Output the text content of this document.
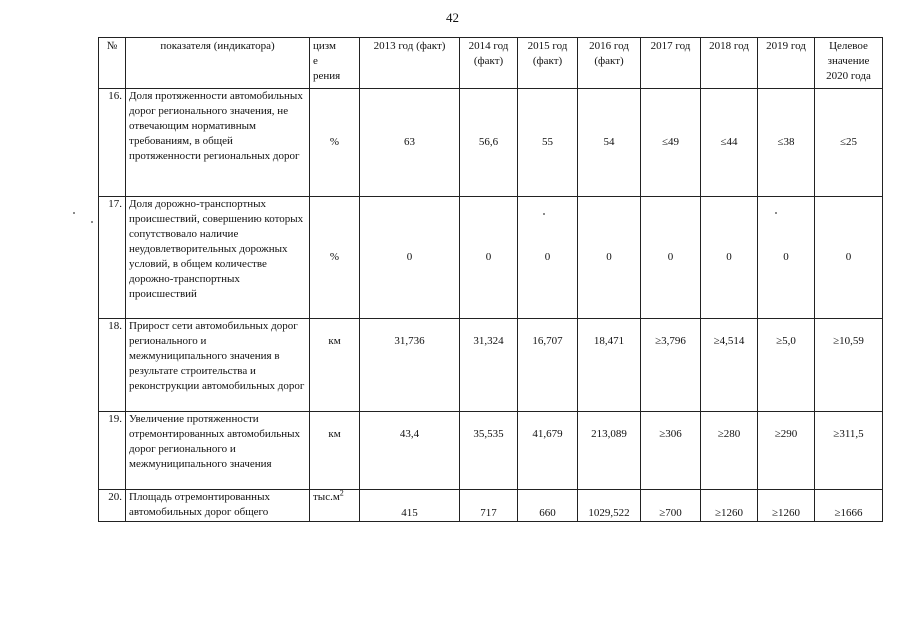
42
№	показателя (индикатора)	цизм
е
рения	2013 год (факт)	2014 год (факт)	2015 год (факт)	2016 год (факт)	2017 год	2018 год	2019 год	Целевое значение 2020 года
16.	Доля протяженности автомобильных дорог регионального значения, не отвечающим нормативным требованиям, в общей протяженности региональных дорог	%	63	56,6	55	54	≤49	≤44	≤38	≤25
17.	Доля дорожно-транспортных происшествий, совершению которых сопутствовало наличие неудовлетворительных дорожных условий, в общем количестве дорожно-транспортных происшествий	%	0	0	0	0	0	0	0	0
18.	Прирост сети автомобильных дорог регионального и межмуниципального значения в результате строительства и реконструкции автомобильных дорог	км	31,736	31,324	16,707	18,471	≥3,796	≥4,514	≥5,0	≥10,59
19.	Увеличение протяженности отремонтированных автомобильных дорог регионального и межмуниципального значения	км	43,4	35,535	41,679	213,089	≥306	≥280	≥290	≥311,5
20.	Площадь отремонтированных автомобильных дорог общего	$тыс.м^2$	415	717	660	1029,522	≥700	≥1260	≥1260	≥1666
